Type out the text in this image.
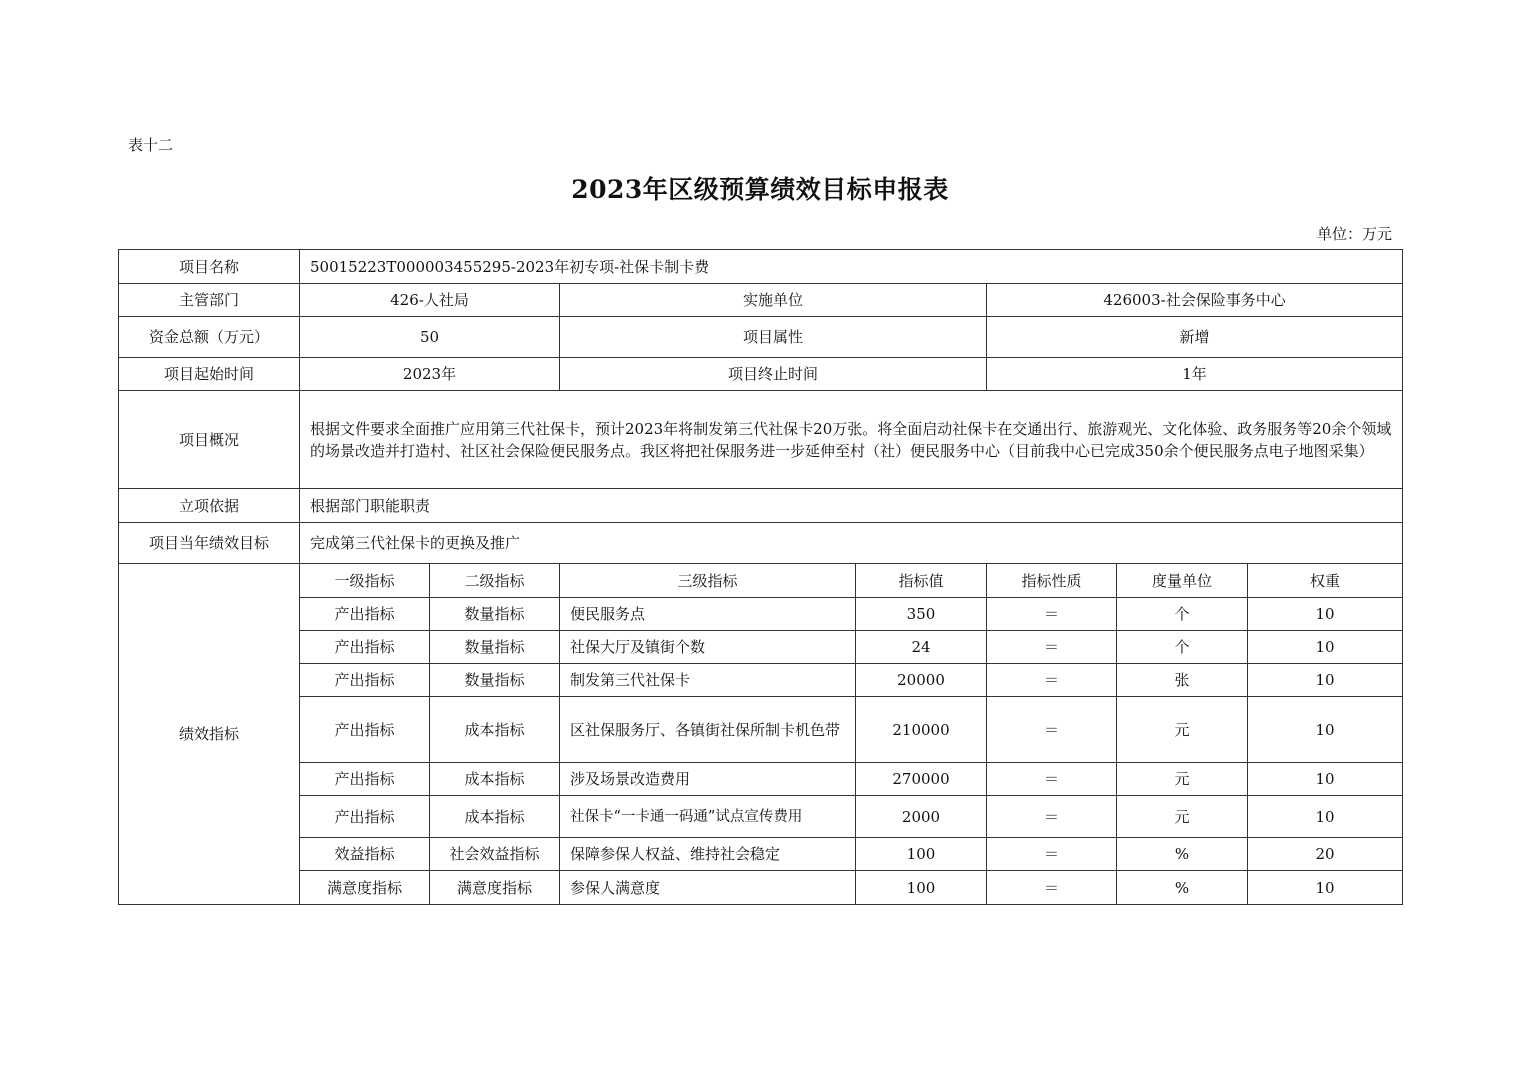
表十二
2023年区级预算绩效目标申报表
单位：万元
项目名称	50015223T000003455295-2023年初专项-社保卡制卡费						
主管部门	426-人社局		实施单位		426003-社会保险事务中心		
资金总额（万元）	50		项目属性		新增		
项目起始时间	2023年		项目终止时间		1年		
项目概况	根据文件要求全面推广应用第三代社保卡，预计2023年将制发第三代社保卡20万张。将全面启动社保卡在交通出行、旅游观光、文化体验、政务服务等20余个领域的场景改造并打造村、社区社会保险便民服务点。我区将把社保服务进一步延伸至村（社）便民服务中心（目前我中心已完成350余个便民服务点电子地图采集）						
立项依据	根据部门职能职责						
项目当年绩效目标	完成第三代社保卡的更换及推广						
绩效指标	一级指标	二级指标	三级指标	指标值	指标性质	度量单位	权重
	产出指标	数量指标	便民服务点	350	＝	个	10
	产出指标	数量指标	社保大厅及镇街个数	24	＝	个	10
	产出指标	数量指标	制发第三代社保卡	20000	＝	张	10
	产出指标	成本指标	区社保服务厅、各镇街社保所制卡机色带	210000	＝	元	10
	产出指标	成本指标	涉及场景改造费用	270000	＝	元	10
	产出指标	成本指标	社保卡“一卡通一码通”试点宣传费用	2000	＝	元	10
	效益指标	社会效益指标	保障参保人权益、维持社会稳定	100	＝	%	20
	满意度指标	满意度指标	参保人满意度	100	＝	%	10
